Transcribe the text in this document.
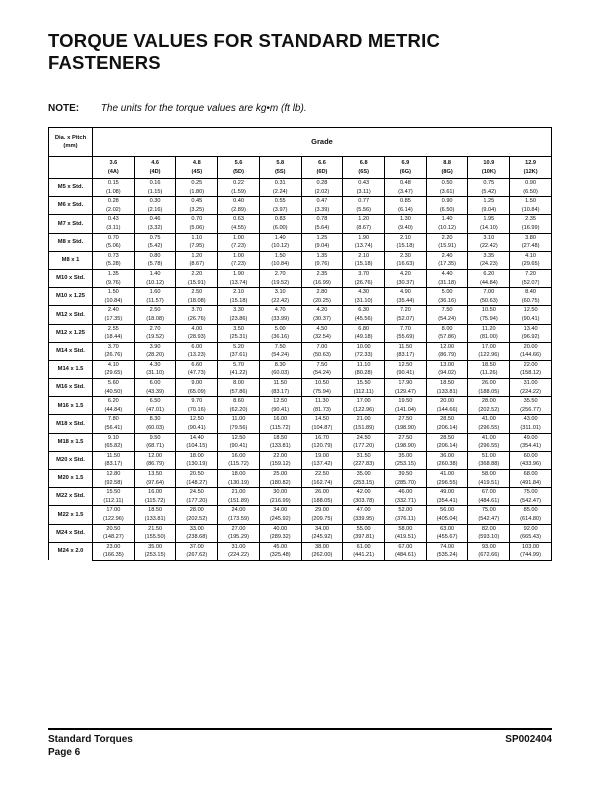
TORQUE VALUES FOR STANDARD METRIC FASTENERS
NOTE: The units for the torque values are kg•m (ft lb).
Dia. x Pitch (mm)	Grade										
	3.6	4.6	4.8	5.6	5.8	6.6	6.8	6.9	8.8	10.9	12.9
	(4A)	(4D)	(4S)	(5D)	(5S)	(6D)	(6S)	(6G)	(8G)	(10K)	(12K)
M5 x Std.	0.15	0.16	0.25	0.22	0.31	0.28	0.43	0.48	0.50	0.75	0.90
	(1.08)	(1.15)	(1.80)	(1.59)	(2.24)	(2.02)	(3.11)	(3.47)	(3.61)	(5.42)	(6.50)
M6 x Std.	0.28	0.30	0.45	0.40	0.55	0.47	0.77	0.85	0.90	1.25	1.50
	(2.02)	(2.16)	(3.25)	(2.89)	(3.97)	(3.39)	(5.56)	(6.14)	(6.50)	(9.04)	(10.84)
M7 x Std.	0.43	0.46	0.70	0.63	0.83	0.78	1.20	1.30	1.40	1.95	2.35
	(3.11)	(3.32)	(5.06)	(4.55)	(6.00)	(5.64)	(8.67)	(9.40)	(10.12)	(14.10)	(16.99)
M8 x Std.	0.70	0.75	1.10	1.00	1.40	1.25	1.90	2.10	2.20	3.10	3.80
	(5.06)	(5.42)	(7.95)	(7.23)	(10.12)	(9.04)	(13.74)	(15.18)	(15.91)	(22.42)	(27.48)
M8 x 1	0.73	0.80	1.20	1.00	1.50	1.35	2.10	2.30	2.40	3.35	4.10
	(5.28)	(5.78)	(8.67)	(7.23)	(10.84)	(9.76)	(15.18)	(16.63)	(17.35)	(24.23)	(29.65)
M10 x Std.	1.35	1.40	2.20	1.90	2.70	2.35	3.70	4.20	4.40	6.20	7.20
	(9.76)	(10.12)	(15.91)	(13.74)	(19.52)	(16.99)	(26.76)	(30.37)	(31.18)	(44.84)	(52.07)
M10 x 1.25	1.50	1.60	2.50	2.10	3.10	2.80	4.30	4.90	5.00	7.00	8.40
	(10.84)	(11.57)	(18.08)	(15.18)	(22.42)	(20.25)	(31.10)	(35.44)	(36.16)	(50.63)	(60.75)
M12 x Std.	2.40	2.50	3.70	3.30	4.70	4.20	6.30	7.20	7.50	10.50	12.50
	(17.35)	(18.08)	(26.76)	(23.86)	(33.99)	(30.37)	(45.56)	(52.07)	(54.24)	(75.94)	(90.41)
M12 x 1.25	2.55	2.70	4.00	3.50	5.00	4.50	6.80	7.70	8.00	11.20	13.40
	(18.44)	(19.52)	(28.93)	(25.31)	(36.16)	(32.54)	(49.18)	(55.69)	(57.86)	(81.00)	(96.92)
M14 x Std.	3.70	3.90	6.00	5.20	7.50	7.00	10.00	11.50	12.00	17.00	20.00
	(26.76)	(28.20)	(13.23)	(37.61)	(54.24)	(50.63)	(72.33)	(83.17)	(86.79)	(122.96)	(144.66)
M14 x 1.5	4.10	4.30	6.60	5.70	8.30	7.50	11.10	12.50	13.00	18.50	22.00
	(29.65)	(31.10)	(47.73)	(41.22)	(60.03)	(54.24)	(80.28)	(90.41)	(94.02)	(11.26)	(158.12)
M16 x Std.	5.60	6.00	9.00	8.00	11.50	10.50	15.50	17.90	18.50	26.00	31.00
	(40.50)	(43.39)	(65.09)	(57.86)	(83.17)	(75.94)	(112.11)	(129.47)	(133.81)	(188.05)	(224.22)
M16 x 1.5	6.20	6.50	9.70	8.60	12.50	11.30	17.00	19.50	20.00	28.00	35.50
	(44.84)	(47.01)	(70.16)	(62.20)	(90.41)	(81.73)	(122.96)	(141.04)	(144.66)	(202.52)	(256.77)
M18 x Std.	7.80	8.30	12.50	11.00	16.00	14.50	21.00	27.50	28.50	41.00	43.00
	(56.41)	(60.03)	(90.41)	(79.56)	(115.72)	(104.87)	(151.89)	(198.90)	(206.14)	(296.55)	(311.01)
M18 x 1.5	9.10	9.50	14.40	12.50	18.50	16.70	24.50	27.50	28.50	41.00	49.00
	(65.82)	(68.71)	(104.15)	(90.41)	(133.81)	(120.79)	(177.20)	(198.90)	(206.14)	(296.55)	(354.41)
M20 x Std.	11.50	12.00	18.00	16.00	22.00	19.00	31.50	35.00	36.00	51.00	60.00
	(83.17)	(86.79)	(130.19)	(115.72)	(159.12)	(137.42)	(227.83)	(253.15)	(260.38)	(368.88)	(433.96)
M20 x 1.5	12.80	13.50	20.50	18.00	25.00	22.50	35.00	39.50	41.00	58.00	68.00
	(92.58)	(97.64)	(148.27)	(130.19)	(180.82)	(162.74)	(253.15)	(285.70)	(296.55)	(419.51)	(491.84)
M22 x Std.	15.50	16.00	24.50	21.00	30.00	26.00	42.00	46.00	49.00	67.00	75.00
	(112.11)	(115.72)	(177.20)	(151.89)	(216.99)	(188.05)	(303.78)	(332.71)	(354.41)	(484.61)	(542.47)
M22 x 1.5	17.00	18.50	28.00	24.00	34.00	29.00	47.00	52.00	56.00	75.00	85.00
	(122.96)	(133.81)	(202.52)	(173.59)	(245.92)	(209.75)	(339.95)	(376.11)	(405.04)	(542.47)	(614.80)
M24 x Std.	20.50	21.50	33.00	27.00	40.00	34.00	55.00	58.00	63.00	82.00	92.00
	(148.27)	(155.50)	(238.68)	(195.29)	(289.32)	(245.92)	(397.81)	(419.51)	(455.67)	(593.10)	(665.43)
M24 x 2.0	23.00	35.00	37.00	31.00	45.00	38.00	61.00	67.00	74.00	93.00	103.00
	(166.35)	(253.15)	(267.62)	(224.22)	(325.48)	(262.00)	(441.21)	(484.61)	(535.24)	(672.66)	(744.99)
Standard Torques
Page 6
SP002404
